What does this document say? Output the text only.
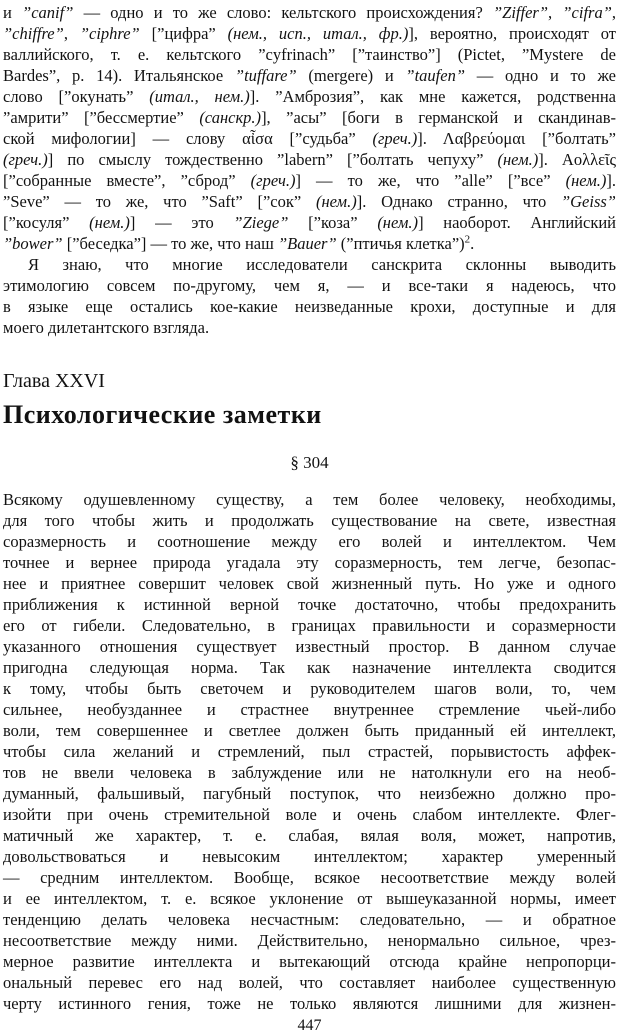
и ”canif” — одно и то же слово: кельтского происхождения? ”Ziffer”, ”cifra”,
”chiffre”, ”ciphre” [”цифра” (нем., исп., итал., фр.)], вероятно, происходят от
валлийского, т. е. кельтского ”cyfrinach” [”таинство”] (Pictet, ”Mystere de
Bardes”, p. 14). Итальянское ”tuffare” (mergere) и ”taufen” — одно и то же
слово [”окунать” (итал., нем.)]. ”Амброзия”, как мне кажется, родственна
”амрити” [”бессмертие” (санскр.)], ”асы” [боги в германской и скандинав-
ской мифологии] — слову αἶσα [”судьба” (греч.)]. Λαβρεύομαι [”болтать”
(греч.)] по смыслу тождественно ”labern” [”болтать чепуху” (нем.)]. Αολλεῖς
[”собранные вместе”, ”сброд” (греч.)] — то же, что ”alle” [”все” (нем.)].
”Seve” — то же, что ”Saft” [”сок” (нем.)]. Однако странно, что ”Geiss”
[”косуля” (нем.)] — это ”Ziege” [”коза” (нем.)] наоборот. Английский
”bower” [”беседка”] — то же, что наш ”Bauer” (”птичья клетка”)$^2$.
Я знаю, что многие исследователи санскрита склонны выводить
этимологию совсем по-другому, чем я, — и все-таки я надеюсь, что
в языке еще остались кое-какие неизведанные крохи, доступные и для
моего дилетантского взгляда.
Глава XXVI
Психологические заметки
§ 304
Всякому одушевленному существу, а тем более человеку, необходимы,
для того чтобы жить и продолжать существование на свете, известная
соразмерность и соотношение между его волей и интеллектом. Чем
точнее и вернее природа угадала эту соразмерность, тем легче, безопас-
нее и приятнее совершит человек свой жизненный путь. Но уже и одного
приближения к истинной верной точке достаточно, чтобы предохранить
его от гибели. Следовательно, в границах правильности и соразмерности
указанного отношения существует известный простор. В данном случае
пригодна следующая норма. Так как назначение интеллекта сводится
к тому, чтобы быть светочем и руководителем шагов воли, то, чем
сильнее, необузданнее и страстнее внутреннее стремление чьей-либо
воли, тем совершеннее и светлее должен быть приданный ей интеллект,
чтобы сила желаний и стремлений, пыл страстей, порывистость аффек-
тов не ввели человека в заблуждение или не натолкнули его на необ-
думанный, фальшивый, пагубный поступок, что неизбежно должно про-
изойти при очень стремительной воле и очень слабом интеллекте. Флег-
матичный же характер, т. е. слабая, вялая воля, может, напротив,
довольствоваться и невысоким интеллектом; характер умеренный
— средним интеллектом. Вообще, всякое несоответствие между волей
и ее интеллектом, т. е. всякое уклонение от вышеуказанной нормы, имеет
тенденцию делать человека несчастным: следовательно, — и обратное
несоответствие между ними. Действительно, ненормально сильное, чрез-
мерное развитие интеллекта и вытекающий отсюда крайне непропорци-
ональный перевес его над волей, что составляет наиболее существенную
черту истинного гения, тоже не только являются лишними для жизнен-
447
